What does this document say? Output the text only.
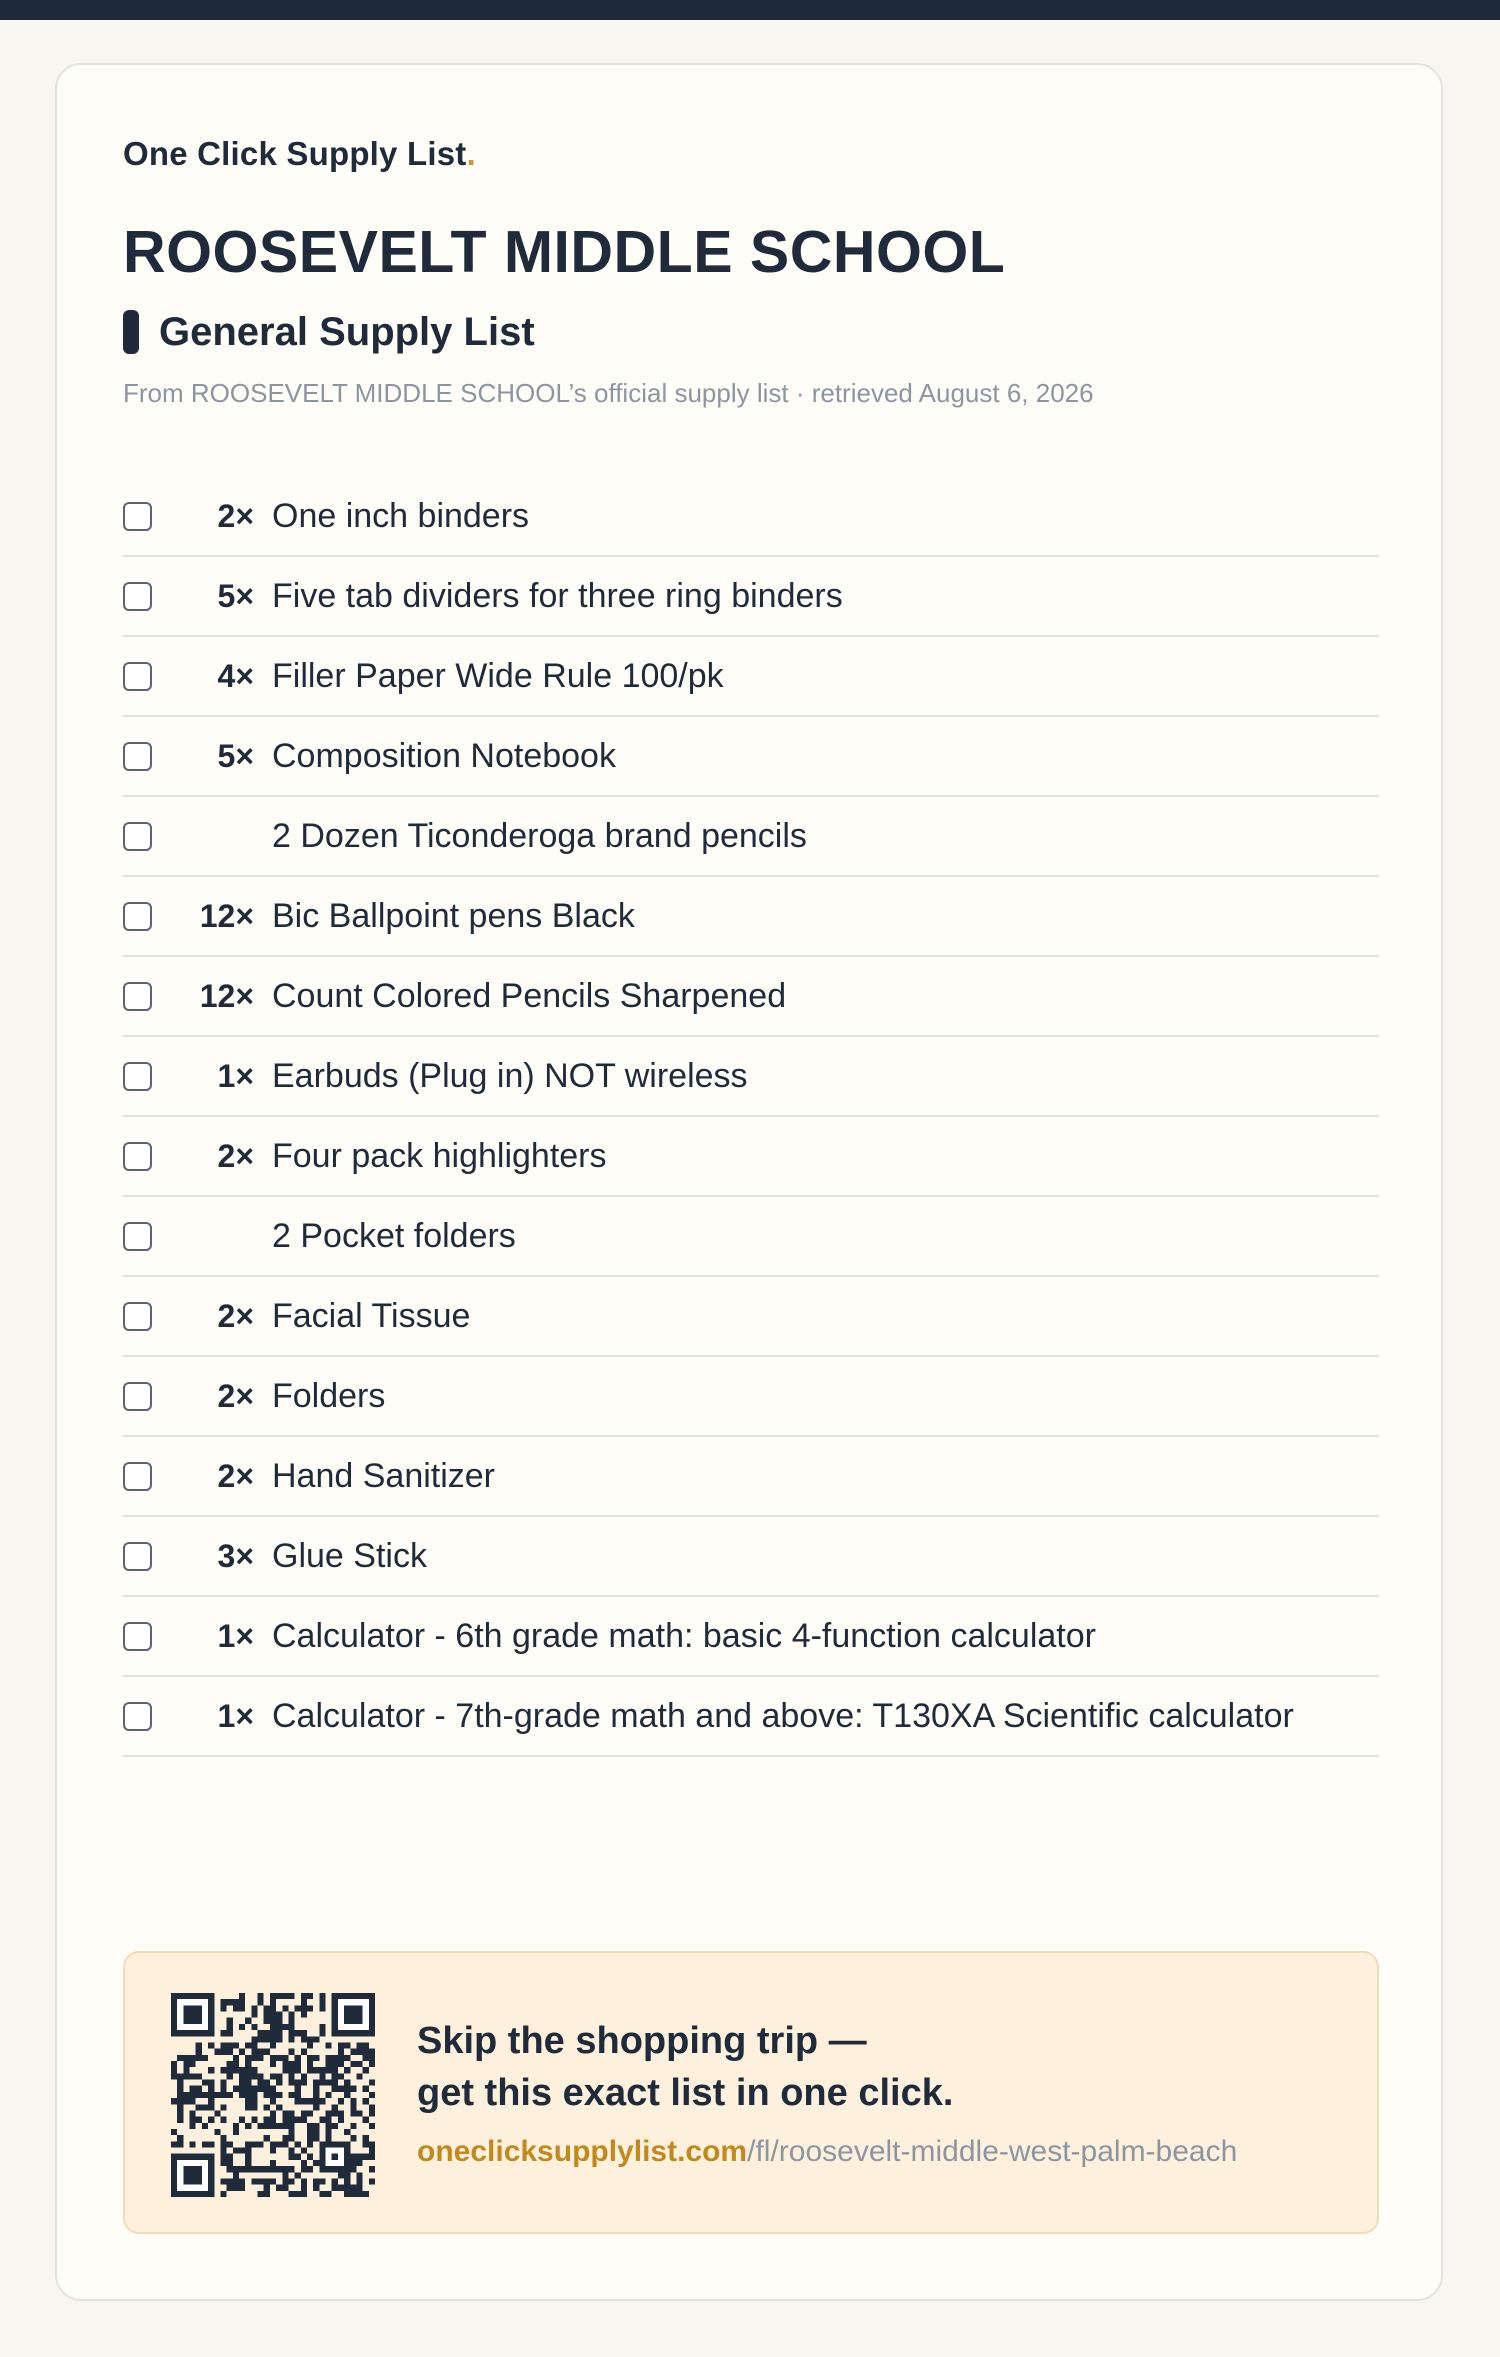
One Click Supply List.
ROOSEVELT MIDDLE SCHOOL
General Supply List
From ROOSEVELT MIDDLE SCHOOL’s official supply list · retrieved August 6, 2026
2× One inch binders
5× Five tab dividers for three ring binders
4× Filler Paper Wide Rule 100/pk
5× Composition Notebook
2 Dozen Ticonderoga brand pencils
12× Bic Ballpoint pens Black
12× Count Colored Pencils Sharpened
1× Earbuds (Plug in) NOT wireless
2× Four pack highlighters
2 Pocket folders
2× Facial Tissue
2× Folders
2× Hand Sanitizer
3× Glue Stick
1× Calculator - 6th grade math: basic 4-function calculator
1× Calculator - 7th-grade math and above: T130XA Scientific calculator
Skip the shopping trip —
get this exact list in one click.
oneclicksupplylist.com/fl/roosevelt-middle-west-palm-beach
